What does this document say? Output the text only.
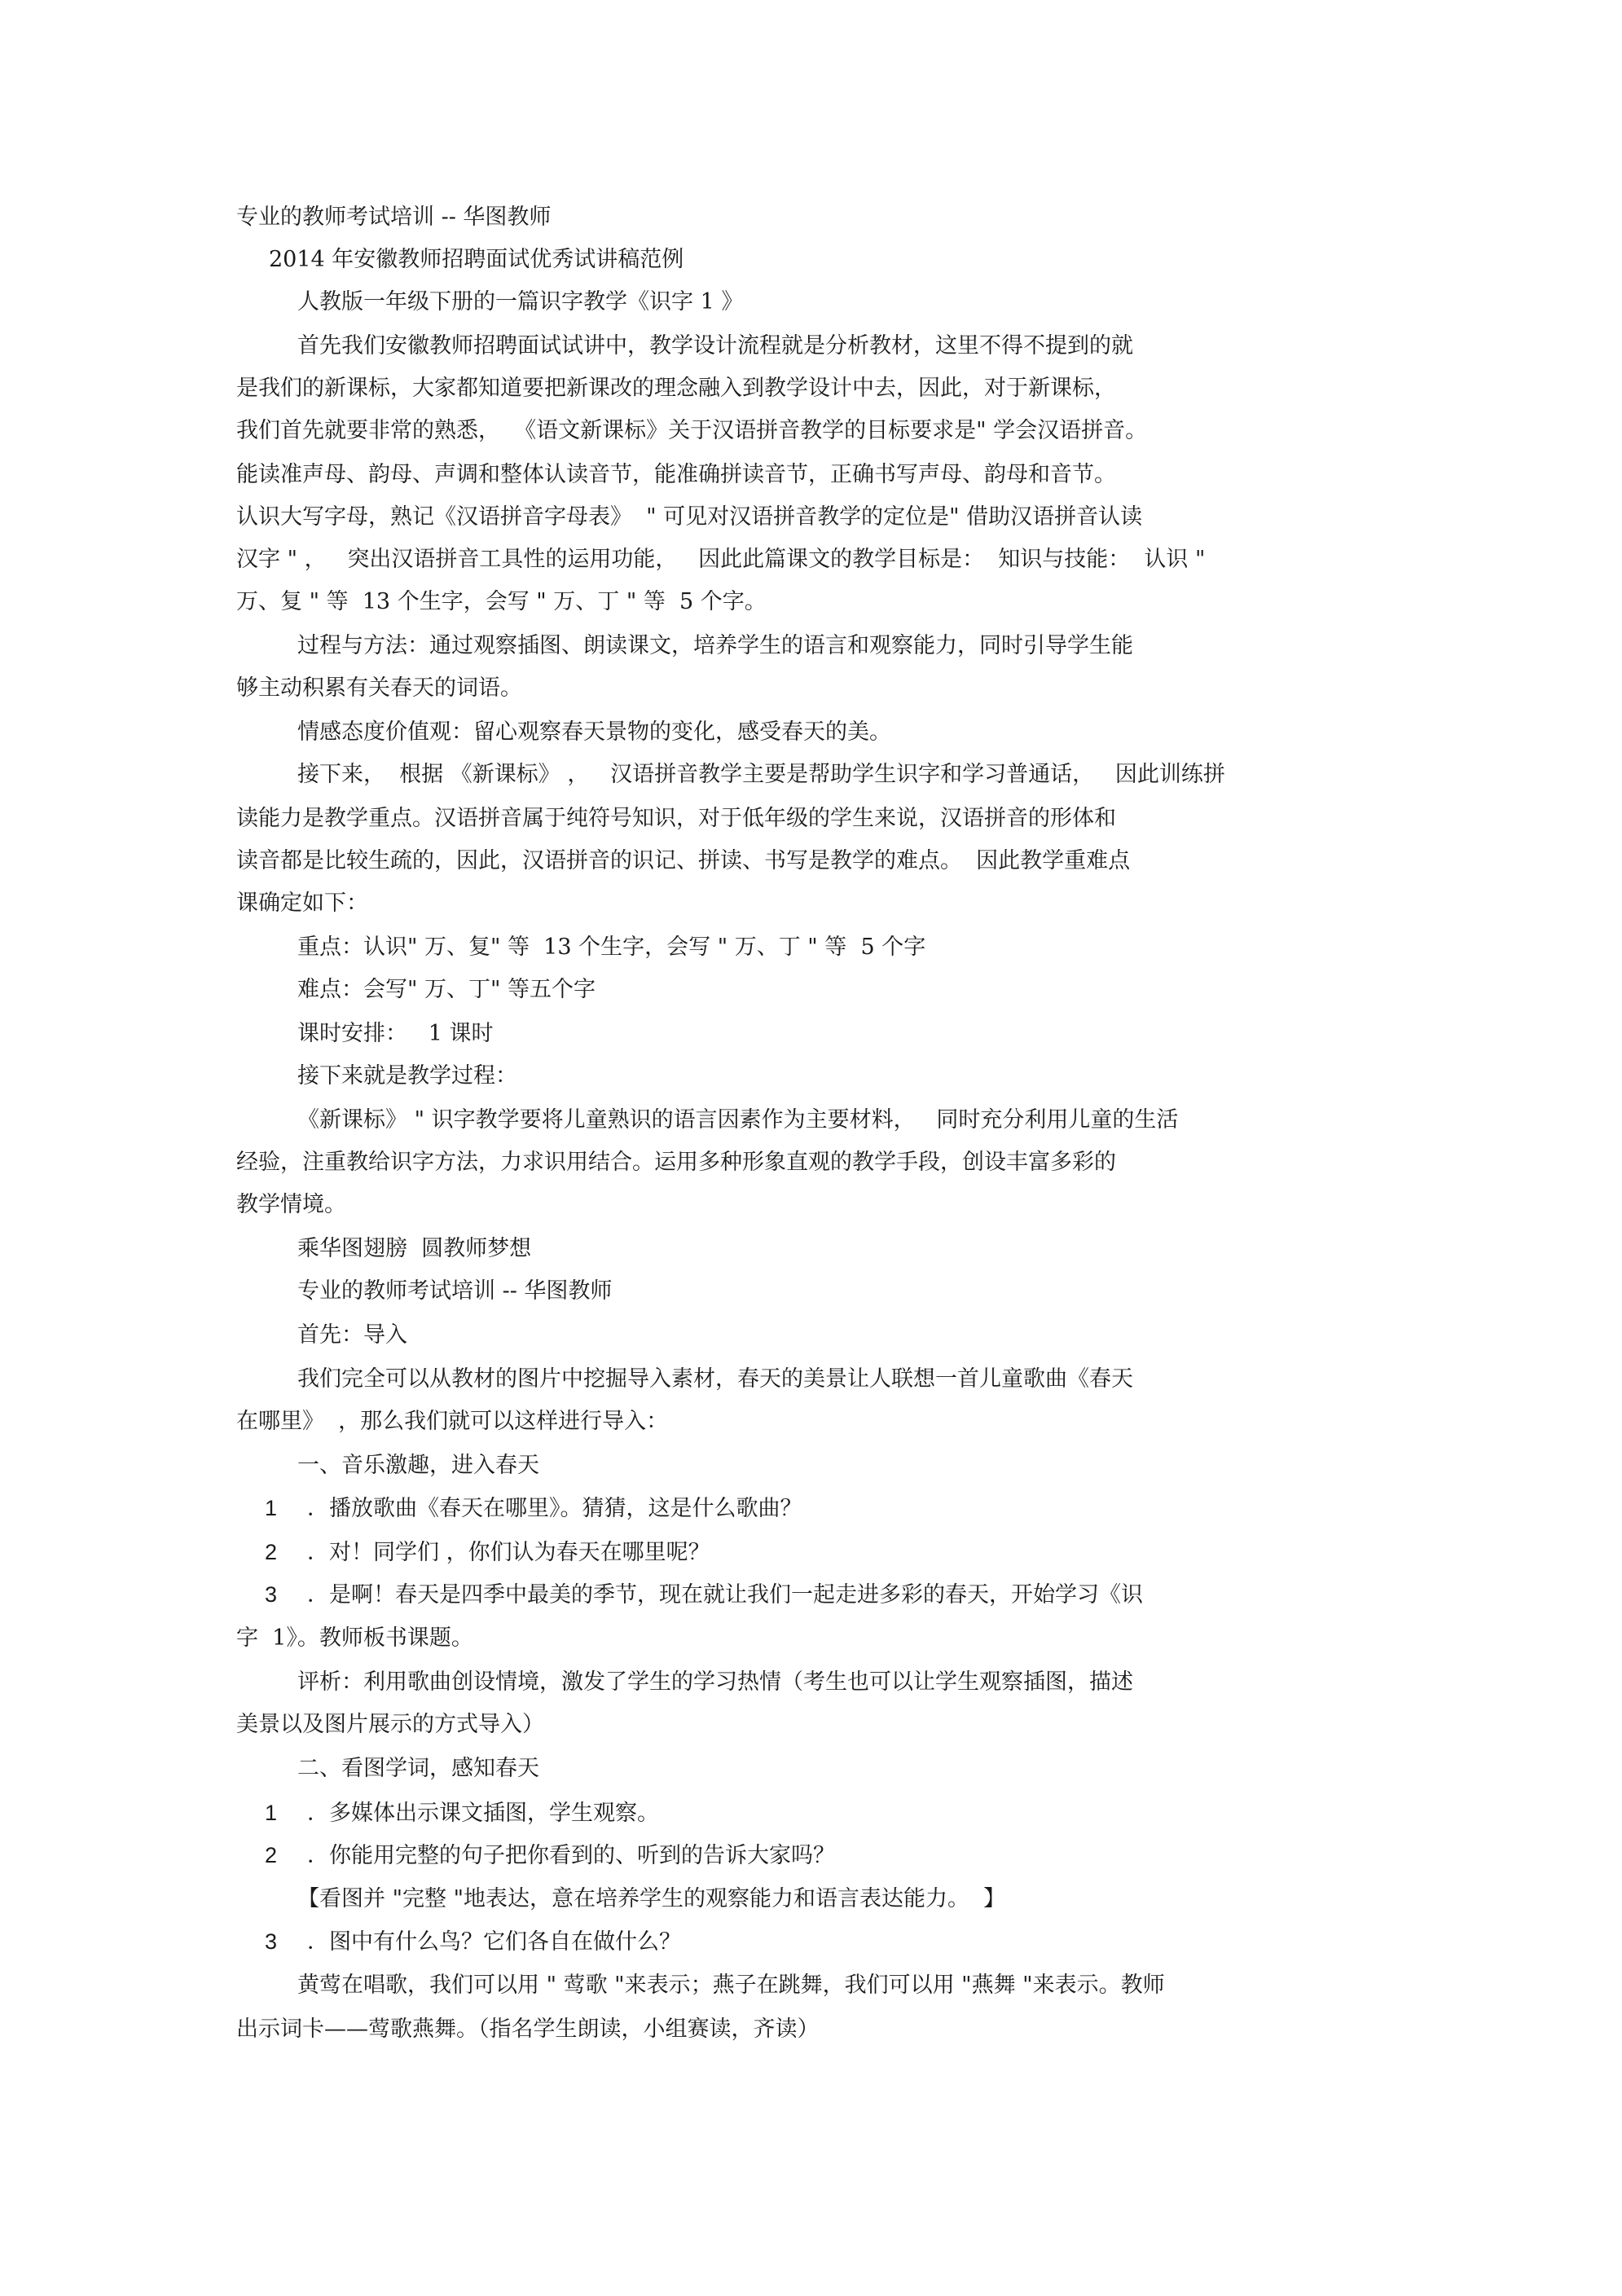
专业的教师考试培训 -- 华图教师
2014 年安徽教师招聘面试优秀试讲稿范例
人教版一年级下册的一篇识字教学《识字 1 》
首先我们安徽教师招聘面试试讲中，教学设计流程就是分析教材，这里不得不提到的就
是我们的新课标，大家都知道要把新课改的理念融入到教学设计中去，因此，对于新课标，
我们首先就要非常的熟悉，  《语文新课标》关于汉语拼音教学的目标要求是" 学会汉语拼音。
能读准声母、韵母、声调和整体认读音节，能准确拼读音节，正确书写声母、韵母和音节。
认识大写字母，熟记《汉语拼音字母表》  " 可见对汉语拼音教学的定位是" 借助汉语拼音认读
汉字 " ，   突出汉语拼音工具性的运用功能，   因此此篇课文的教学目标是：  知识与技能：  认识 "
万、复 " 等  13 个生字，会写 " 万、丁 " 等  5 个字。
过程与方法：通过观察插图、朗读课文，培养学生的语言和观察能力，同时引导学生能
够主动积累有关春天的词语。
情感态度价值观：留心观察春天景物的变化，感受春天的美。
接下来，  根据 《新课标》 ，   汉语拼音教学主要是帮助学生识字和学习普通话，   因此训练拼
读能力是教学重点。汉语拼音属于纯符号知识，对于低年级的学生来说，汉语拼音的形体和
读音都是比较生疏的，因此，汉语拼音的识记、拼读、书写是教学的难点。  因此教学重难点
课确定如下：
重点：认识" 万、复" 等  13 个生字，会写 " 万、丁 " 等  5 个字
难点：会写" 万、丁" 等五个字
课时安排：   1 课时
接下来就是教学过程：
《新课标》 " 识字教学要将儿童熟识的语言因素作为主要材料，   同时充分利用儿童的生活
经验，注重教给识字方法，力求识用结合。运用多种形象直观的教学手段，创设丰富多彩的
教学情境。
乘华图翅膀  圆教师梦想
专业的教师考试培训 -- 华图教师
首先：导入
我们完全可以从教材的图片中挖掘导入素材，春天的美景让人联想一首儿童歌曲《春天
在哪里》  ，那么我们就可以这样进行导入：
一、音乐激趣，进入春天
1 ．播放歌曲《春天在哪里》。猜猜，这是什么歌曲？
2 ．对！同学们 ，你们认为春天在哪里呢？
3 ．是啊！春天是四季中最美的季节，现在就让我们一起走进多彩的春天，开始学习《识
字  1》。教师板书课题。
评析：利用歌曲创设情境，激发了学生的学习热情（考生也可以让学生观察插图，描述
美景以及图片展示的方式导入）
二、看图学词，感知春天
1 ．多媒体出示课文插图，学生观察。
2 ．你能用完整的句子把你看到的、听到的告诉大家吗？
【看图并 "完整 "地表达，意在培养学生的观察能力和语言表达能力。  】
3 ．图中有什么鸟？它们各自在做什么？
黄莺在唱歌，我们可以用 " 莺歌 "来表示；燕子在跳舞，我们可以用 "燕舞 "来表示。教师
出示词卡——莺歌燕舞。（指名学生朗读，小组赛读，齐读）
